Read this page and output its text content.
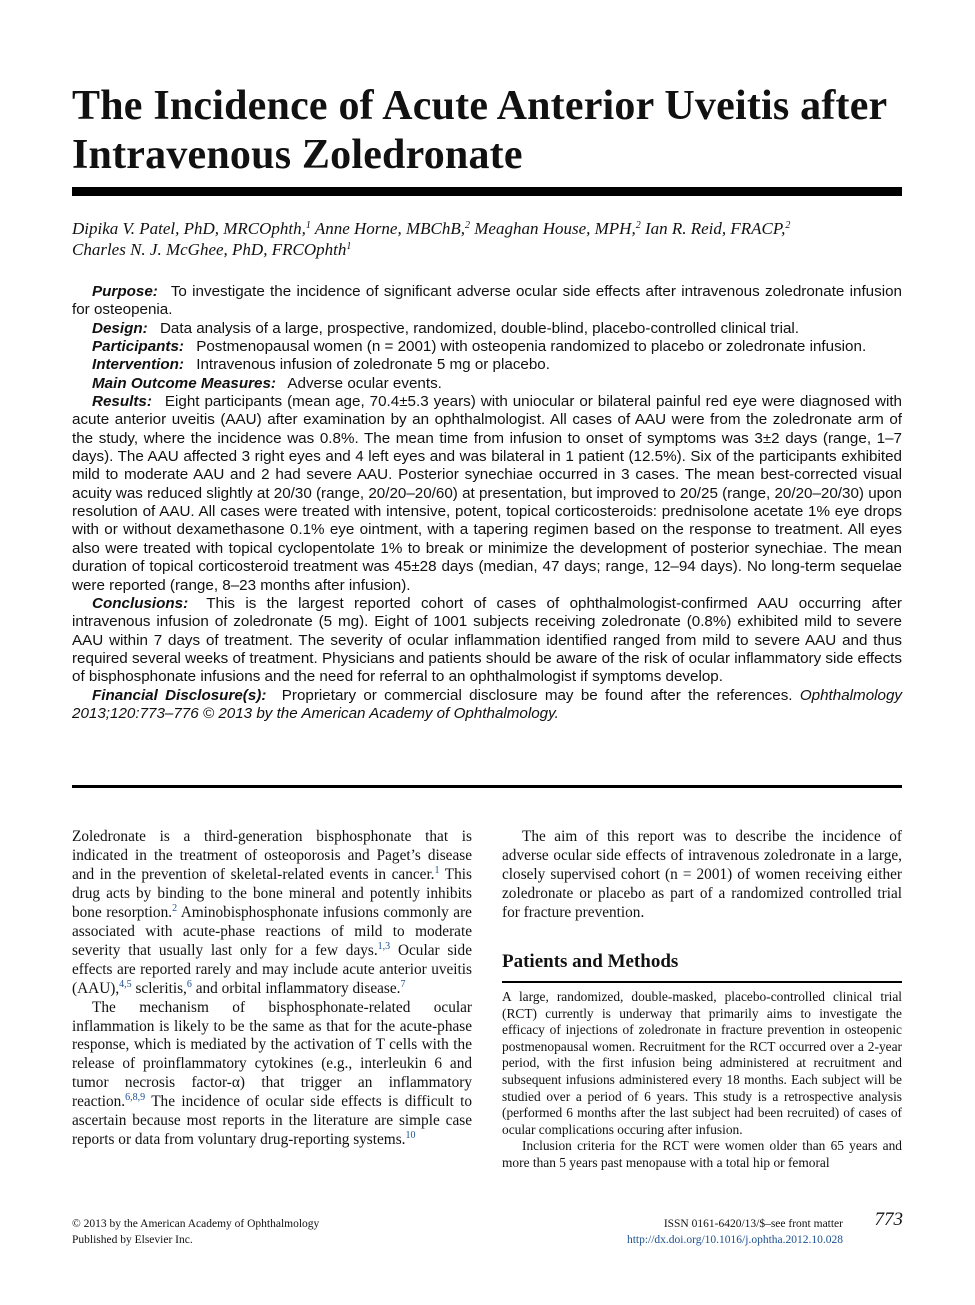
The Incidence of Acute Anterior Uveitis after Intravenous Zoledronate
Dipika V. Patel, PhD, MRCOphth,$^1$ Anne Horne, MBChB,$^2$ Meaghan House, MPH,$^2$ Ian R. Reid, FRACP,$^2$
Charles N. J. McGhee, PhD, FRCOphth$^1$

Purpose: To investigate the incidence of significant adverse ocular side effects after intravenous zoledronate infusion for osteopenia.

Design: Data analysis of a large, prospective, randomized, double-blind, placebo-controlled clinical trial.

Participants: Postmenopausal women (n = 2001) with osteopenia randomized to placebo or zoledronate infusion.

Intervention: Intravenous infusion of zoledronate 5 mg or placebo.

Main Outcome Measures: Adverse ocular events.

Results: Eight participants (mean age, 70.4±5.3 years) with uniocular or bilateral painful red eye were diagnosed with acute anterior uveitis (AAU) after examination by an ophthalmologist. All cases of AAU were from the zoledronate arm of the study, where the incidence was 0.8%. The mean time from infusion to onset of symptoms was 3±2 days (range, 1–7 days). The AAU affected 3 right eyes and 4 left eyes and was bilateral in 1 patient (12.5%). Six of the participants exhibited mild to moderate AAU and 2 had severe AAU. Posterior synechiae occurred in 3 cases. The mean best-corrected visual acuity was reduced slightly at 20/30 (range, 20/20–20/60) at presentation, but improved to 20/25 (range, 20/20–20/30) upon resolution of AAU. All cases were treated with intensive, potent, topical corticosteroids: prednisolone acetate 1% eye drops with or without dexamethasone 0.1% eye ointment, with a tapering regimen based on the response to treatment. All eyes also were treated with topical cyclopentolate 1% to break or minimize the development of posterior synechiae. The mean duration of topical corticosteroid treatment was 45±28 days (median, 47 days; range, 12–94 days). No long-term sequelae were reported (range, 8–23 months after infusion).

Conclusions: This is the largest reported cohort of cases of ophthalmologist-confirmed AAU occurring after intravenous infusion of zoledronate (5 mg). Eight of 1001 subjects receiving zoledronate (0.8%) exhibited mild to severe AAU within 7 days of treatment. The severity of ocular inflammation identified ranged from mild to severe AAU and thus required several weeks of treatment. Physicians and patients should be aware of the risk of ocular inflammatory side effects of bisphosphonate infusions and the need for referral to an ophthalmologist if symptoms develop.

Financial Disclosure(s): Proprietary or commercial disclosure may be found after the references. Ophthalmology 2013;120:773–776 © 2013 by the American Academy of Ophthalmology.

Zoledronate is a third-generation bisphosphonate that is indicated in the treatment of osteoporosis and Paget’s disease and in the prevention of skeletal-related events in cancer.$^1$ This drug acts by binding to the bone mineral and potently inhibits bone resorption.$^2$ Aminobisphosphonate infusions commonly are associated with acute-phase reactions of mild to moderate severity that usually last only for a few days.$^{1,3}$ Ocular side effects are reported rarely and may include acute anterior uveitis (AAU),$^{4,5}$ scleritis,$^6$ and orbital inflammatory disease.$^7$

The mechanism of bisphosphonate-related ocular inflammation is likely to be the same as that for the acute-phase response, which is mediated by the activation of T cells with the release of proinflammatory cytokines (e.g., interleukin 6 and tumor necrosis factor-α) that trigger an inflammatory reaction.$^{6,8,9}$ The incidence of ocular side effects is difficult to ascertain because most reports in the literature are simple case reports or data from voluntary drug-reporting systems.$^{10}$

The aim of this report was to describe the incidence of adverse ocular side effects of intravenous zoledronate in a large, closely supervised cohort (n = 2001) of women receiving either zoledronate or placebo as part of a randomized controlled trial for fracture prevention.

Patients and Methods

A large, randomized, double-masked, placebo-controlled clinical trial (RCT) currently is underway that primarily aims to investigate the efficacy of injections of zoledronate in fracture prevention in osteopenic postmenopausal women. Recruitment for the RCT occurred over a 2-year period, with the first infusion being administered at recruitment and subsequent infusions administered every 18 months. Each subject will be studied over a period of 6 years. This study is a retrospective analysis (performed 6 months after the last subject had been recruited) of cases of ocular complications occuring after infusion.

Inclusion criteria for the RCT were women older than 65 years and more than 5 years past menopause with a total hip or femoral

© 2013 by the American Academy of Ophthalmology
Published by Elsevier Inc.
ISSN 0161-6420/13/$–see front matter
http://dx.doi.org/10.1016/j.ophtha.2012.10.028
773
